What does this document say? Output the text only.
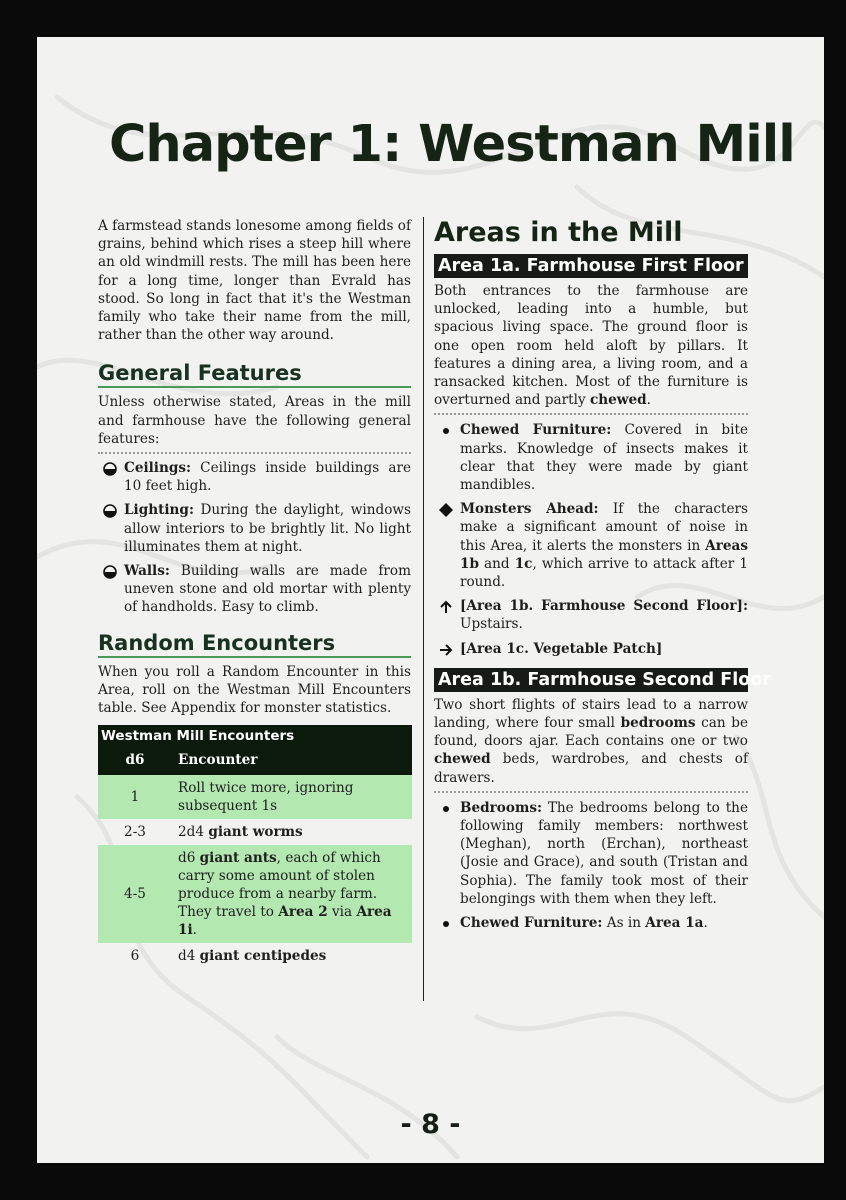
Chapter 1: Westman Mill

A farmstead stands lonesome among fields of grains, behind which rises a steep hill where an old windmill rests. The mill has been here for a long time, longer than Evrald has stood. So long in fact that it's the Westman family who take their name from the mill, rather than the other way around.

General Features

Unless otherwise stated, Areas in the mill and farmhouse have the following general features:

Ceilings: Ceilings inside buildings are 10 feet high.
Lighting: During the daylight, windows allow interiors to be brightly lit. No light illuminates them at night.
Walls: Building walls are made from uneven stone and old mortar with plenty of handholds. Easy to climb.
Random Encounters

When you roll a Random Encounter in this Area, roll on the Westman Mill Encounters table. See Appendix for monster statistics.

Westman Mill Encounters
d6	Encounter
1	Roll twice more, ignoring subsequent 1s
2-3	2d4 giant worms
4-5	d6 giant ants, each of which carry some amount of stolen produce from a nearby farm. They travel to Area 2 via Area 1i.
6	d4 giant centipedes
Areas in the Mill
Area 1a. Farmhouse First Floor

Both entrances to the farmhouse are unlocked, leading into a humble, but spacious living space. The ground floor is one open room held aloft by pillars. It features a dining area, a living room, and a ransacked kitchen. Most of the furniture is overturned and partly chewed.

Chewed Furniture: Covered in bite marks. Knowledge of insects makes it clear that they were made by giant mandibles.
Monsters Ahead: If the characters make a significant amount of noise in this Area, it alerts the monsters in Areas 1b and 1c, which arrive to attack after 1 round.
[Area 1b. Farmhouse Second Floor]: Upstairs.
[Area 1c. Vegetable Patch]
Area 1b. Farmhouse Second Floor

Two short flights of stairs lead to a narrow landing, where four small bedrooms can be found, doors ajar. Each contains one or two chewed beds, wardrobes, and chests of drawers.

Bedrooms: The bedrooms belong to the following family members: northwest (Meghan), north (Erchan), northeast (Josie and Grace), and south (Tristan and Sophia). The family took most of their belongings with them when they left.
Chewed Furniture: As in Area 1a.
- 8 -
